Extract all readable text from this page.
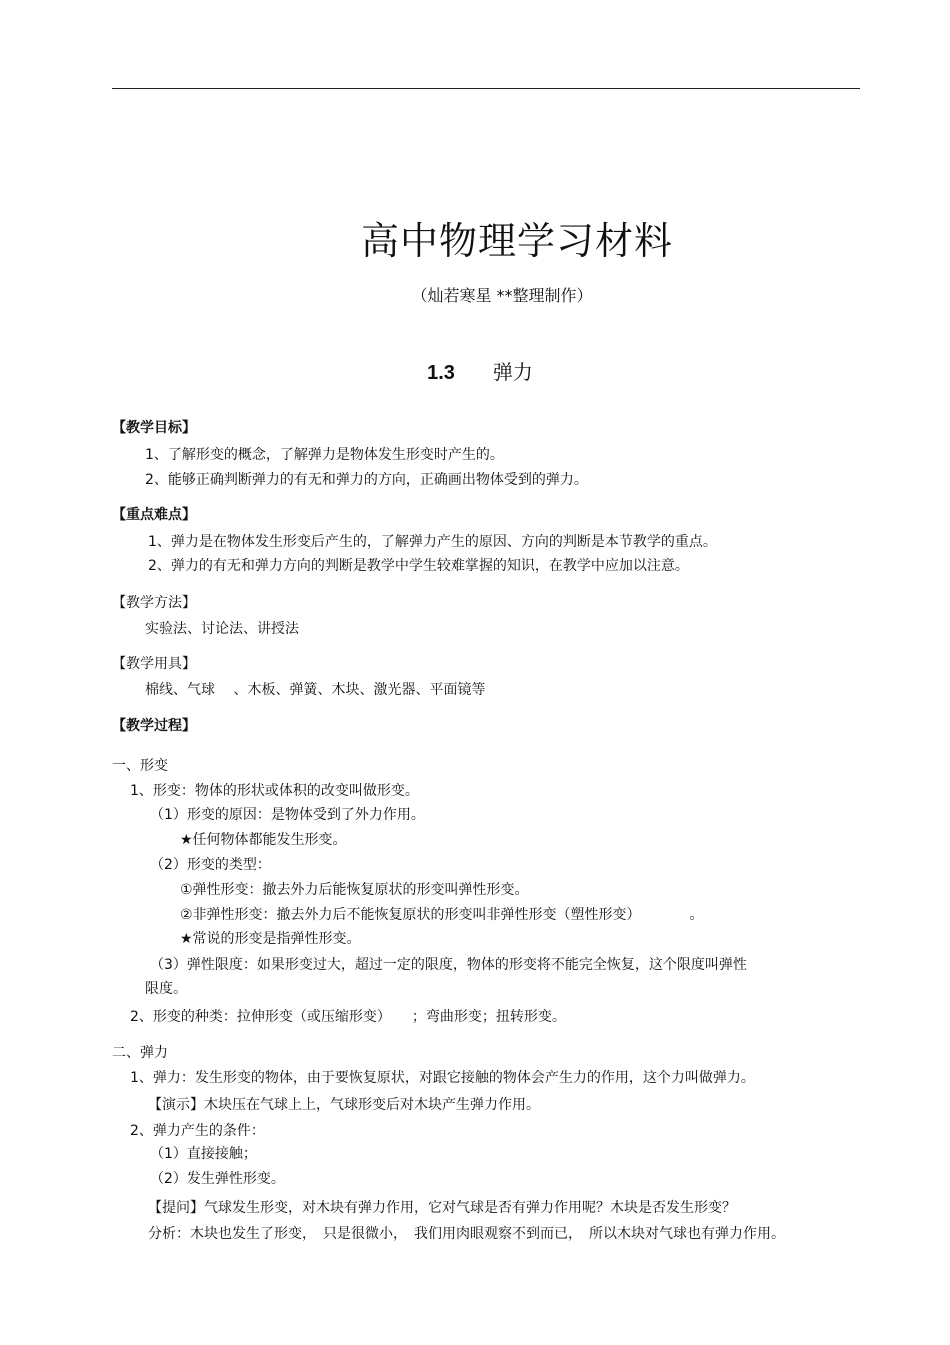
高中物理学习材料
（灿若寒星 **整理制作）
1.3 弹力
【教学目标】
1、了解形变的概念，了解弹力是物体发生形变时产生的。
2、能够正确判断弹力的有无和弹力的方向，正确画出物体受到的弹力。
【重点难点】
1、弹力是在物体发生形变后产生的，了解弹力产生的原因、方向的判断是本节教学的重点。
2、弹力的有无和弹力方向的判断是教学中学生较难掌握的知识，在教学中应加以注意。
【教学方法】
实验法、讨论法、讲授法
【教学用具】
棉线、气球　 、木板、弹簧、木块、激光器、平面镜等
【教学过程】
一、形变
1、形变：物体的形状或体积的改变叫做形变。
（1）形变的原因：是物体受到了外力作用。
★任何物体都能发生形变。
（2）形变的类型：
①弹性形变：撤去外力后能恢复原状的形变叫弹性形变。
②非弹性形变：撤去外力后不能恢复原状的形变叫非弹性形变（塑性形变）　　　　。
★常说的形变是指弹性形变。
（3）弹性限度：如果形变过大，超过一定的限度，物体的形变将不能完全恢复，这个限度叫弹性
限度。
2、形变的种类：拉伸形变（或压缩形变）　　；弯曲形变；扭转形变。
二、弹力
1、弹力：发生形变的物体，由于要恢复原状，对跟它接触的物体会产生力的作用，这个力叫做弹力。
【演示】木块压在气球上上，气球形变后对木块产生弹力作用。
2、弹力产生的条件：
（1）直接接触；
（2）发生弹性形变。
【提问】气球发生形变，对木块有弹力作用，它对气球是否有弹力作用呢？木块是否发生形变？
分析：木块也发生了形变，　只是很微小，　我们用肉眼观察不到而已，　所以木块对气球也有弹力作用。
